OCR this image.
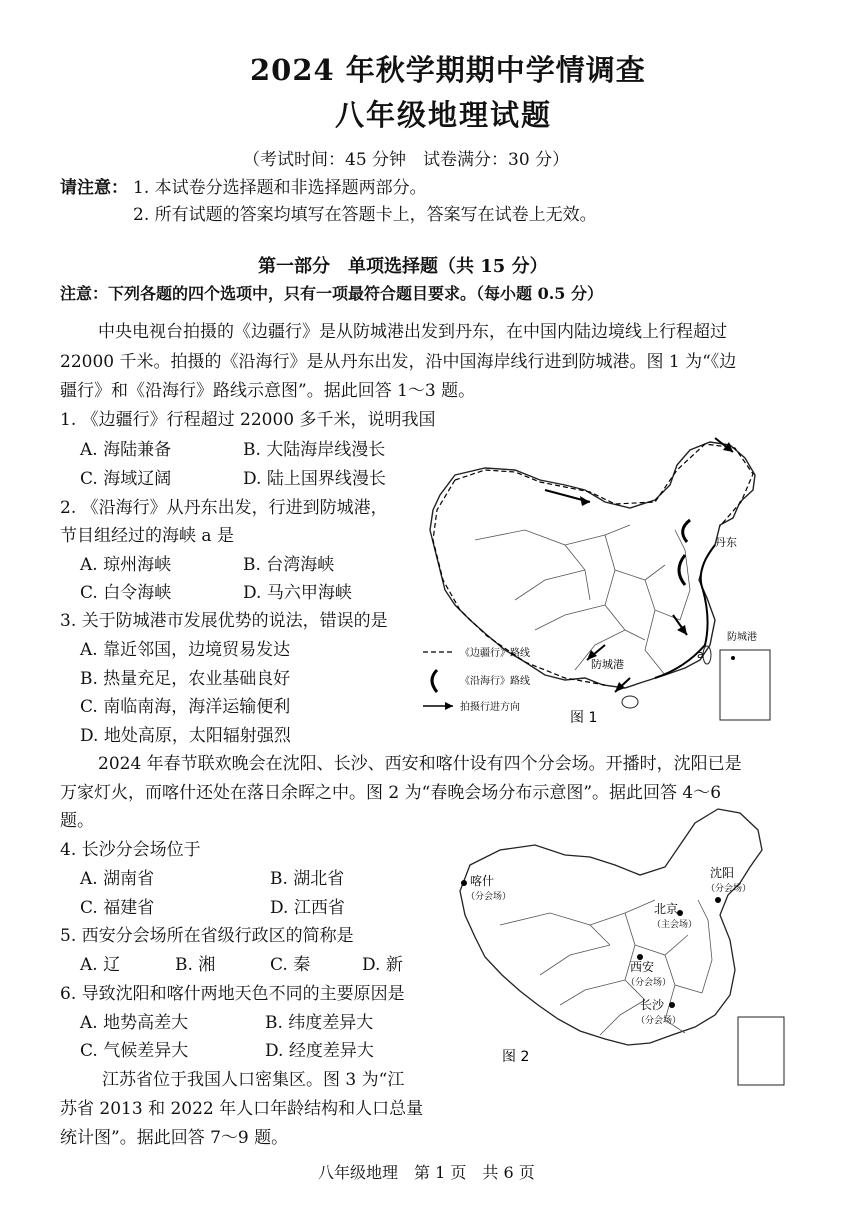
2024 年秋学期期中学情调查
八年级地理试题
（考试时间：45 分钟　试卷满分：30 分）
请注意： 1. 本试卷分选择题和非选择题两部分。
2. 所有试题的答案均填写在答题卡上，答案写在试卷上无效。
第一部分　单项选择题（共 15 分）
注意：下列各题的四个选项中，只有一项最符合题目要求。（每小题 0.5 分）
中央电视台拍摄的《边疆行》是从防城港出发到丹东，在中国内陆边境线上行程超过
22000 千米。拍摄的《沿海行》是从丹东出发，沿中国海岸线行进到防城港。图 1 为“《边
疆行》和《沿海行》路线示意图”。据此回答 1～3 题。
1. 《边疆行》行程超过 22000 多千米，说明我国
A. 海陆兼备	B. 大陆海岸线漫长
C. 海域辽阔	D. 陆上国界线漫长
2. 《沿海行》从丹东出发，行进到防城港，
节目组经过的海峡 a 是
A. 琼州海峡	B. 台湾海峡
C. 白令海峡	D. 马六甲海峡
3. 关于防城港市发展优势的说法，错误的是
A. 靠近邻国，边境贸易发达
B. 热量充足，农业基础良好
C. 南临南海，海洋运输便利
D. 地处高原，太阳辐射强烈
丹东
防城港
a
防城港
《边疆行》路线
《沿海行》路线
拍摄行进方向
图 1
2024 年春节联欢晚会在沈阳、长沙、西安和喀什设有四个分会场。开播时，沈阳已是
万家灯火，而喀什还处在落日余晖之中。图 2 为“春晚会场分布示意图”。据此回答 4～6
题。
4. 长沙分会场位于
A. 湖南省	B. 湖北省
C. 福建省	D. 江西省
5. 西安分会场所在省级行政区的简称是
A. 辽	B. 湘	C. 秦	D. 新
6. 导致沈阳和喀什两地天色不同的主要原因是
A. 地势高差大	B. 纬度差异大
C. 气候差异大	D. 经度差异大
喀什
（分会场）
沈阳
（分会场）
北京
（主会场）
西安
（分会场）
长沙
（分会场）
图 2
江苏省位于我国人口密集区。图 3 为“江
苏省 2013 和 2022 年人口年龄结构和人口总量
统计图”。据此回答 7～9 题。
八年级地理　第 1 页　共 6 页
